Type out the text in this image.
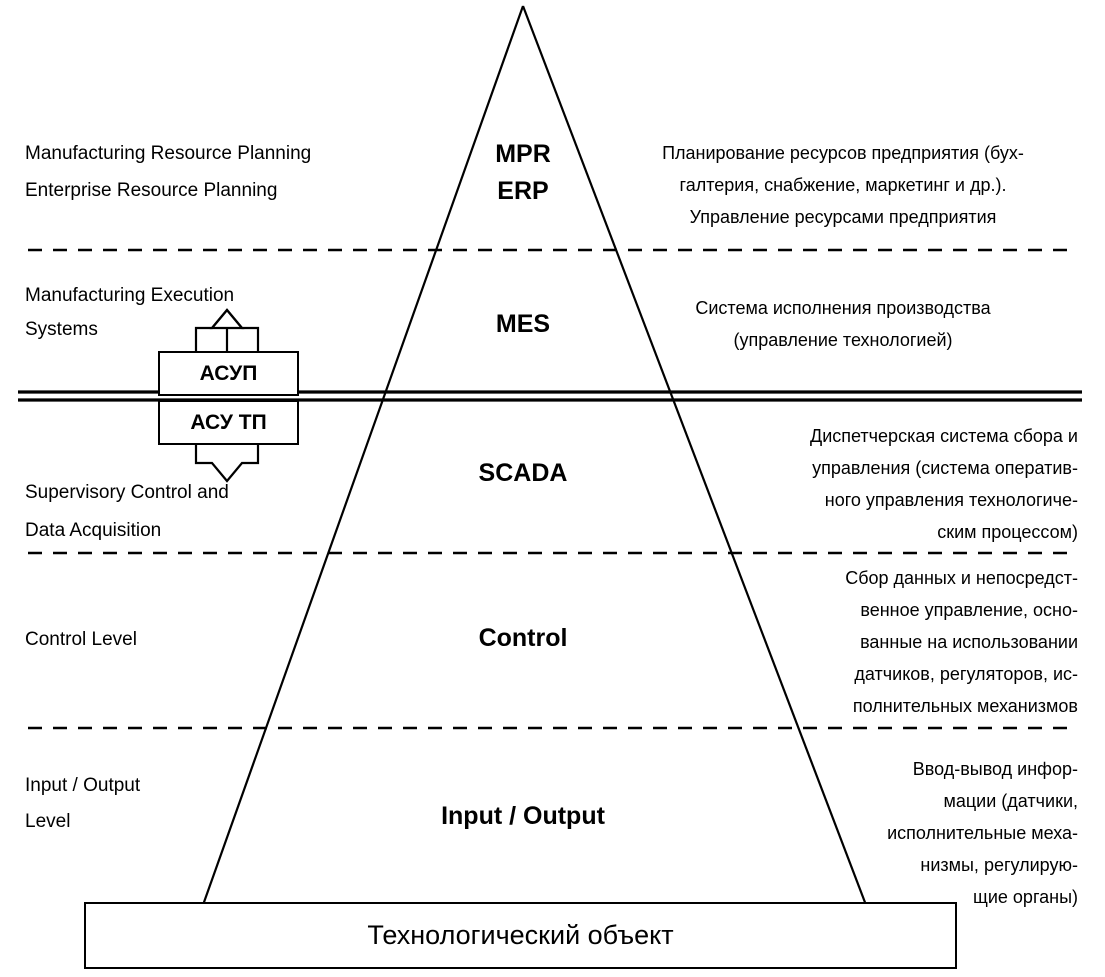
АСУП
АСУ ТП
Manufacturing Resource Planning
Enterprise Resource Planning
MPR
ERP
Планирование ресурсов предприятия (бух-
галтерия, снабжение, маркетинг и др.).
Управление ресурсами предприятия
Manufacturing Execution
Systems	MES
Система исполнения производства
(управление технологией)
Supervisory Control and
Data Acquisition
SCADA
Диспетчерская система сбора и
управления (система оператив-
ного управления технологиче-
ским процессом)
Control Level	Control
Сбор данных и непосредст-
венное управление, осно-
ванные на использовании
датчиков, регуляторов, ис-
полнительных механизмов
Input / Output
Level	Input / Output
Ввод-вывод инфор-
мации (датчики,
исполнительные меха-
низмы, регулирую-
щие органы)
Технологический объект
